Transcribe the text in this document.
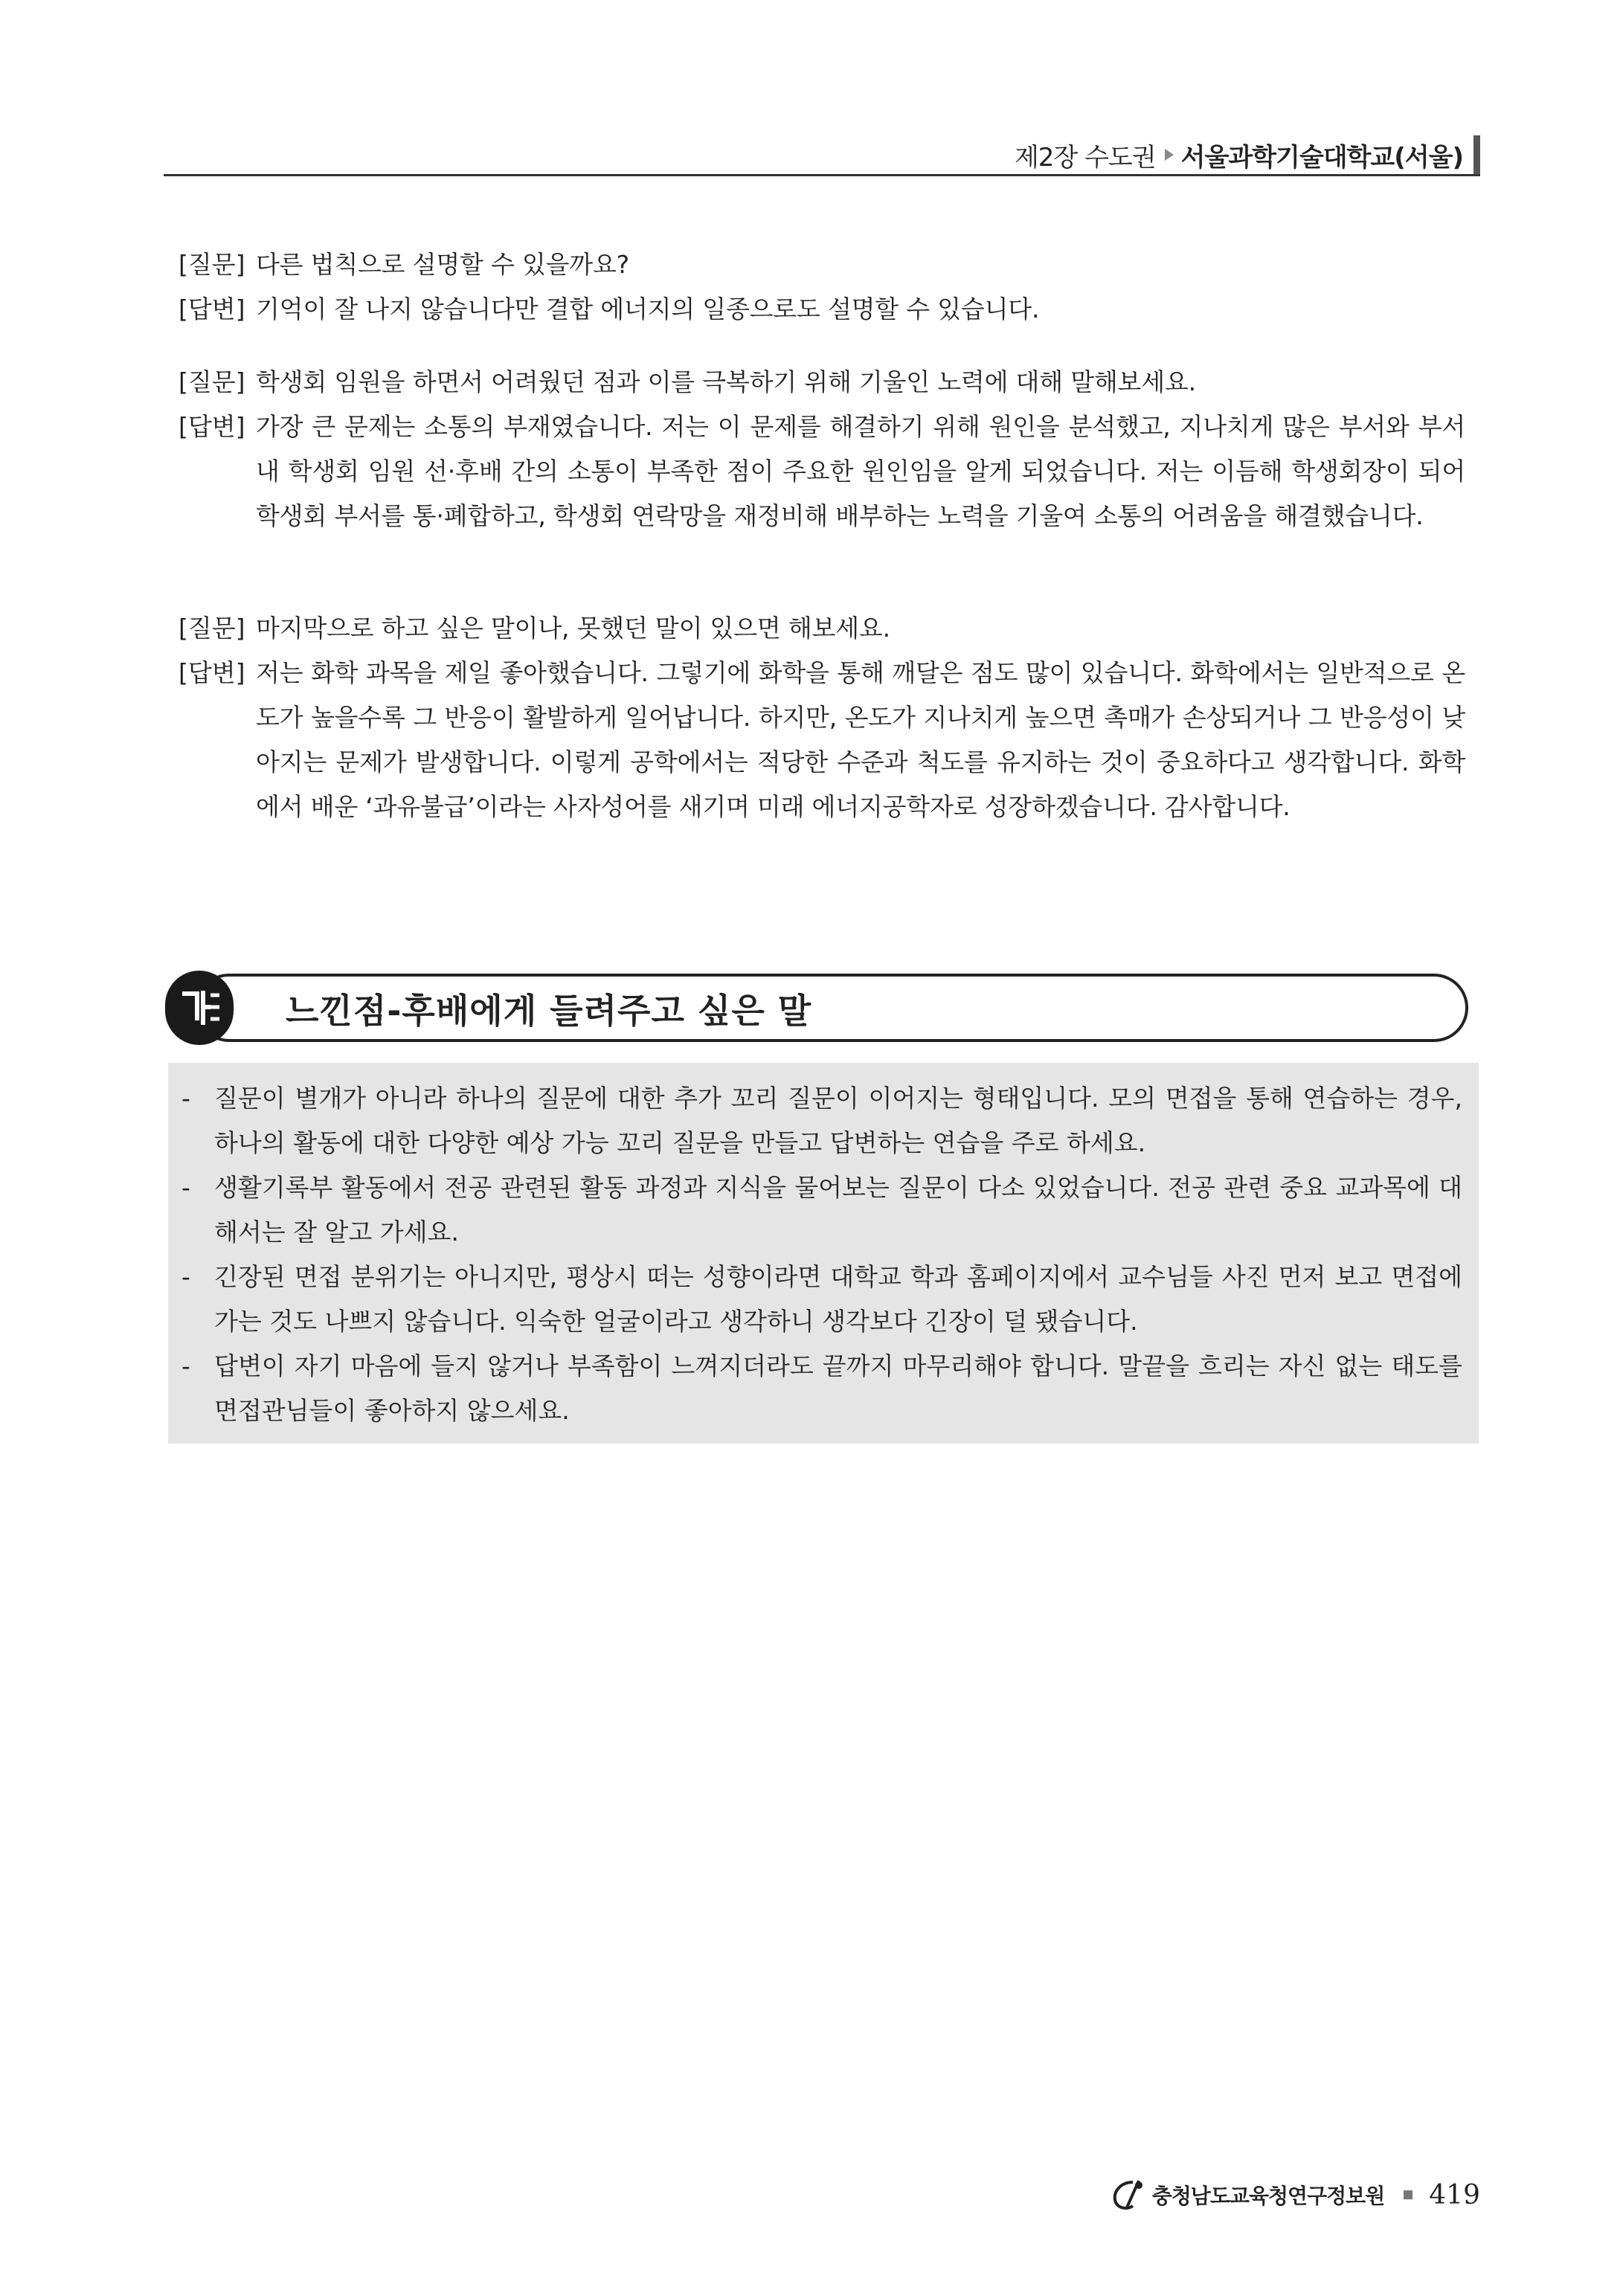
제2장 수도권 서울과학기술대학교(서울)
[질문] 다른 법칙으로 설명할 수 있을까요?
[답변] 기억이 잘 나지 않습니다만 결합 에너지의 일종으로도 설명할 수 있습니다.
[질문] 학생회 임원을 하면서 어려웠던 점과 이를 극복하기 위해 기울인 노력에 대해 말해보세요.
[답변] 가장 큰 문제는 소통의 부재였습니다. 저는 이 문제를 해결하기 위해 원인을 분석했고, 지나치게 많은 부서와 부서 내 학생회 임원 선·후배 간의 소통이 부족한 점이 주요한 원인임을 알게 되었습니다. 저는 이듬해 학생회장이 되어 학생회 부서를 통·폐합하고, 학생회 연락망을 재정비해 배부하는 노력을 기울여 소통의 어려움을 해결했습니다.
[질문] 마지막으로 하고 싶은 말이나, 못했던 말이 있으면 해보세요.
[답변] 저는 화학 과목을 제일 좋아했습니다. 그렇기에 화학을 통해 깨달은 점도 많이 있습니다. 화학에서는 일반적으로 온도가 높을수록 그 반응이 활발하게 일어납니다. 하지만, 온도가 지나치게 높으면 촉매가 손상되거나 그 반응성이 낮아지는 문제가 발생합니다. 이렇게 공학에서는 적당한 수준과 척도를 유지하는 것이 중요하다고 생각합니다. 화학에서 배운 ‘과유불급’이라는 사자성어를 새기며 미래 에너지공학자로 성장하겠습니다. 감사합니다.
느낀점-후배에게 들려주고 싶은 말
- 질문이 별개가 아니라 하나의 질문에 대한 추가 꼬리 질문이 이어지는 형태입니다. 모의 면접을 통해 연습하는 경우, 하나의 활동에 대한 다양한 예상 가능 꼬리 질문을 만들고 답변하는 연습을 주로 하세요.
- 생활기록부 활동에서 전공 관련된 활동 과정과 지식을 물어보는 질문이 다소 있었습니다. 전공 관련 중요 교과목에 대해서는 잘 알고 가세요.
- 긴장된 면접 분위기는 아니지만, 평상시 떠는 성향이라면 대학교 학과 홈페이지에서 교수님들 사진 먼저 보고 면접에 가는 것도 나쁘지 않습니다. 익숙한 얼굴이라고 생각하니 생각보다 긴장이 덜 됐습니다.
- 답변이 자기 마음에 들지 않거나 부족함이 느껴지더라도 끝까지 마무리해야 합니다. 말끝을 흐리는 자신 없는 태도를 면접관님들이 좋아하지 않으세요.
충청남도교육청연구정보원 419
